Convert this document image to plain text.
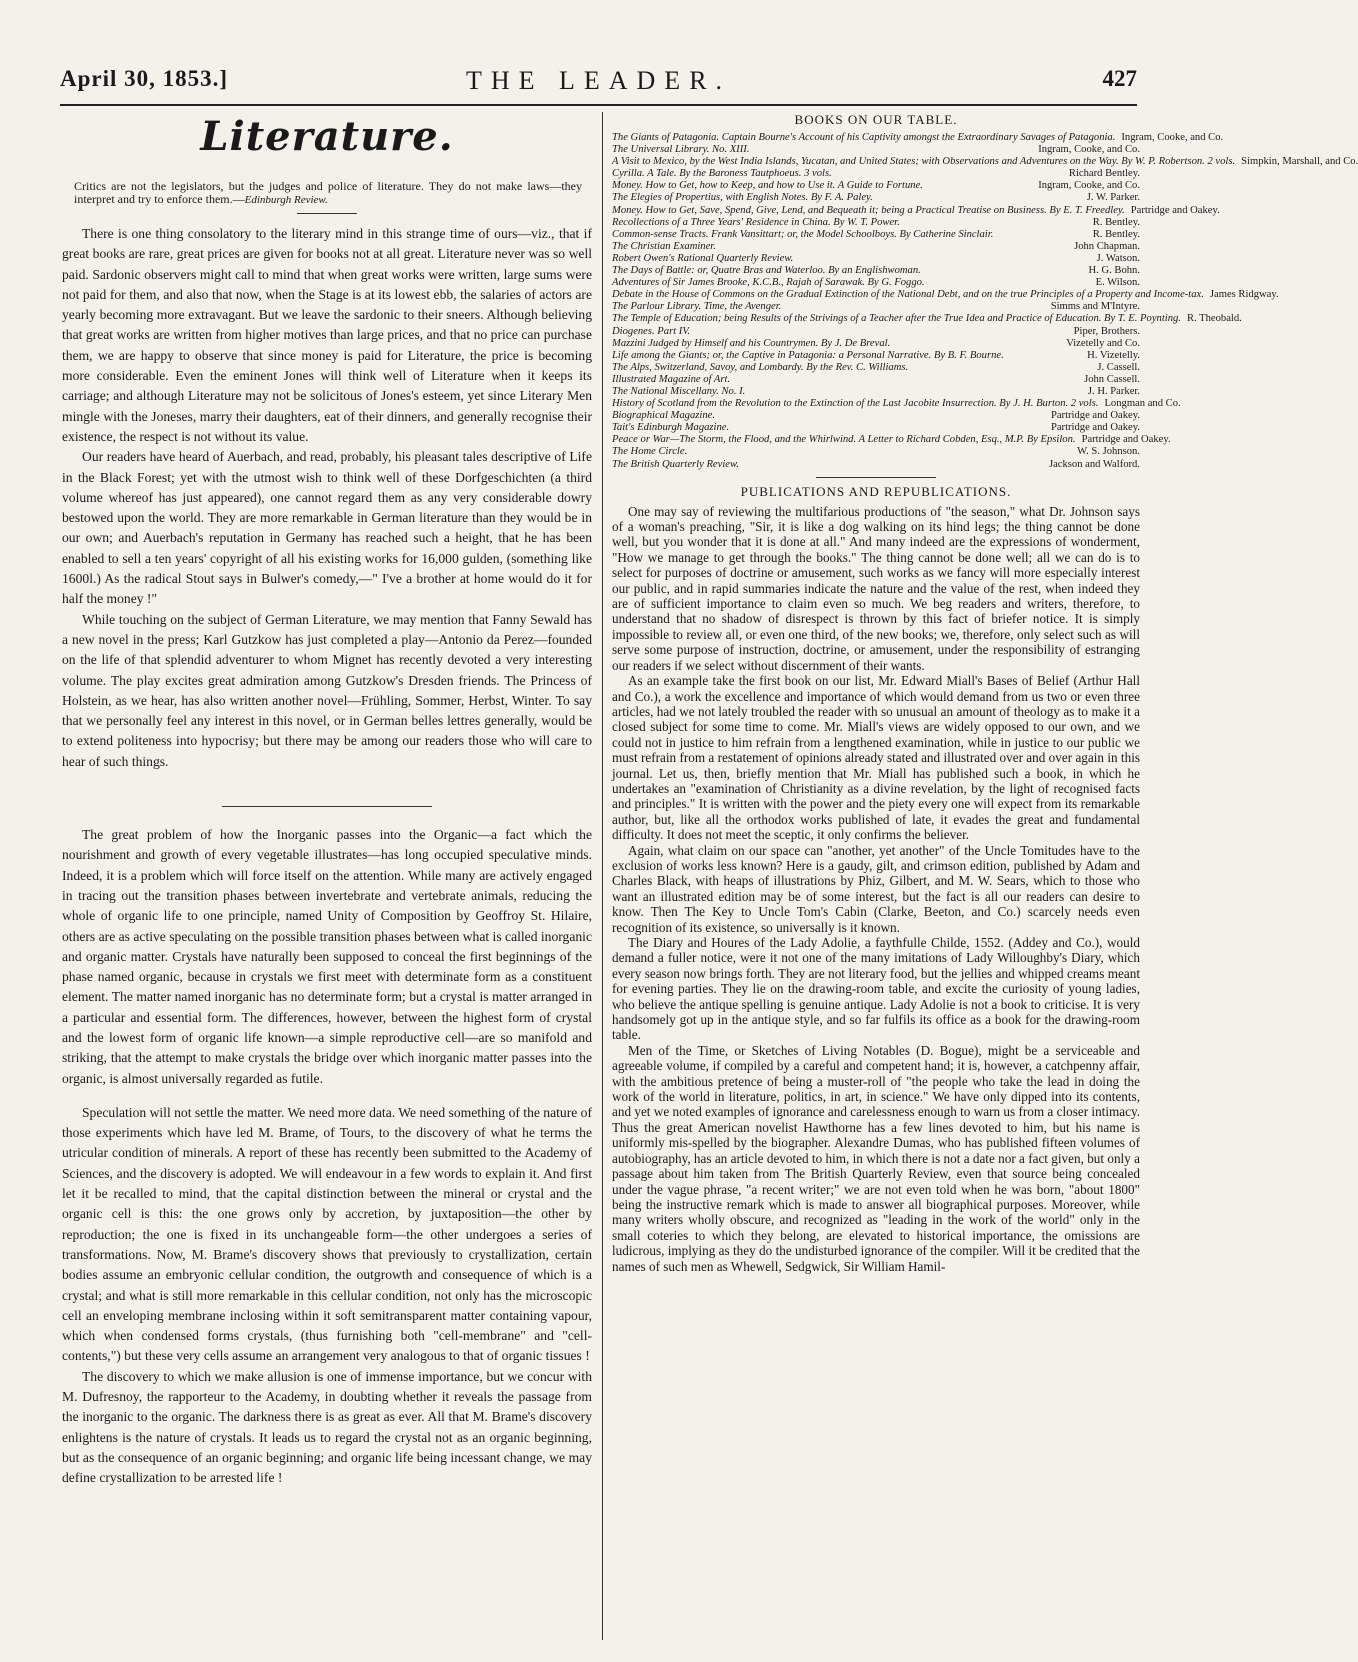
April 30, 1853.]	THE LEADER.	427
Literature.
Critics are not the legislators, but the judges and police of literature. They do not make laws—they interpret and try to enforce them.—Edinburgh Review.

There is one thing consolatory to the literary mind in this strange time of ours—viz., that if great books are rare, great prices are given for books not at all great. Literature never was so well paid. Sardonic observers might call to mind that when great works were written, large sums were not paid for them, and also that now, when the Stage is at its lowest ebb, the salaries of actors are yearly becoming more extravagant. But we leave the sardonic to their sneers. Although believing that great works are written from higher motives than large prices, and that no price can purchase them, we are happy to observe that since money is paid for Literature, the price is becoming more considerable. Even the eminent Jones will think well of Literature when it keeps its carriage; and although Literature may not be solicitous of Jones's esteem, yet since Literary Men mingle with the Joneses, marry their daughters, eat of their dinners, and generally recognise their existence, the respect is not without its value.

Our readers have heard of Auerbach, and read, probably, his pleasant tales descriptive of Life in the Black Forest; yet with the utmost wish to think well of these Dorfgeschichten (a third volume whereof has just appeared), one cannot regard them as any very considerable dowry bestowed upon the world. They are more remarkable in German literature than they would be in our own; and Auerbach's reputation in Germany has reached such a height, that he has been enabled to sell a ten years' copyright of all his existing works for 16,000 gulden, (something like 1600l.) As the radical Stout says in Bulwer's comedy,—" I've a brother at home would do it for half the money !"

While touching on the subject of German Literature, we may mention that Fanny Sewald has a new novel in the press; Karl Gutzkow has just completed a play—Antonio da Perez—founded on the life of that splendid adventurer to whom Mignet has recently devoted a very interesting volume. The play excites great admiration among Gutzkow's Dresden friends. The Princess of Holstein, as we hear, has also written another novel—Frühling, Sommer, Herbst, Winter. To say that we personally feel any interest in this novel, or in German belles lettres generally, would be to extend politeness into hypocrisy; but there may be among our readers those who will care to hear of such things.

The great problem of how the Inorganic passes into the Organic—a fact which the nourishment and growth of every vegetable illustrates—has long occupied speculative minds. Indeed, it is a problem which will force itself on the attention. While many are actively engaged in tracing out the transition phases between invertebrate and vertebrate animals, reducing the whole of organic life to one principle, named Unity of Composition by Geoffroy St. Hilaire, others are as active speculating on the possible transition phases between what is called inorganic and organic matter. Crystals have naturally been supposed to conceal the first beginnings of the phase named organic, because in crystals we first meet with determinate form as a constituent element. The matter named inorganic has no determinate form; but a crystal is matter arranged in a particular and essential form. The differences, however, between the highest form of crystal and the lowest form of organic life known—a simple reproductive cell—are so manifold and striking, that the attempt to make crystals the bridge over which inorganic matter passes into the organic, is almost universally regarded as futile.

Speculation will not settle the matter. We need more data. We need something of the nature of those experiments which have led M. Brame, of Tours, to the discovery of what he terms the utricular condition of minerals. A report of these has recently been submitted to the Academy of Sciences, and the discovery is adopted. We will endeavour in a few words to explain it. And first let it be recalled to mind, that the capital distinction between the mineral or crystal and the organic cell is this: the one grows only by accretion, by juxtaposition—the other by reproduction; the one is fixed in its unchangeable form—the other undergoes a series of transformations. Now, M. Brame's discovery shows that previously to crystallization, certain bodies assume an embryonic cellular condition, the outgrowth and consequence of which is a crystal; and what is still more remarkable in this cellular condition, not only has the microscopic cell an enveloping membrane inclosing within it soft semitransparent matter containing vapour, which when condensed forms crystals, (thus furnishing both "cell-membrane" and "cell-contents,") but these very cells assume an arrangement very analogous to that of organic tissues !

The discovery to which we make allusion is one of immense importance, but we concur with M. Dufresnoy, the rapporteur to the Academy, in doubting whether it reveals the passage from the inorganic to the organic. The darkness there is as great as ever. All that M. Brame's discovery enlightens is the nature of crystals. It leads us to regard the crystal not as an organic beginning, but as the consequence of an organic beginning; and organic life being incessant change, we may define crystallization to be arrested life !

BOOKS ON OUR TABLE.
The Giants of Patagonia. Captain Bourne's Account of his Captivity amongst the Extraordinary Savages of Patagonia. Ingram, Cooke, and Co.
The Universal Library. No. XIII.	Ingram, Cooke, and Co.
A Visit to Mexico, by the West India Islands, Yucatan, and United States; with Observations and Adventures on the Way. By W. P. Robertson. 2 vols. Simpkin, Marshall, and Co.
Cyrilla. A Tale. By the Baroness Tautphoeus. 3 vols.	Richard Bentley.
Money. How to Get, how to Keep, and how to Use it. A Guide to Fortune.	Ingram, Cooke, and Co.
The Elegies of Propertius, with English Notes. By F. A. Paley.	J. W. Parker.
Money. How to Get, Save, Spend, Give, Lend, and Bequeath it; being a Practical Treatise on Business. By E. T. Freedley. Partridge and Oakey.
Recollections of a Three Years' Residence in China. By W. T. Power.	R. Bentley.
Common-sense Tracts. Frank Vansittart; or, the Model Schoolboys. By Catherine Sinclair.	R. Bentley.
The Christian Examiner.	John Chapman.
Robert Owen's Rational Quarterly Review.	J. Watson.
The Days of Battle: or, Quatre Bras and Waterloo. By an Englishwoman.	H. G. Bohn.
Adventures of Sir James Brooke, K.C.B., Rajah of Sarawak. By G. Foggo.	E. Wilson.
Debate in the House of Commons on the Gradual Extinction of the National Debt, and on the true Principles of a Property and Income-tax. James Ridgway.
The Parlour Library. Time, the Avenger.	Simms and M'Intyre.
The Temple of Education; being Results of the Strivings of a Teacher after the True Idea and Practice of Education. By T. E. Poynting. R. Theobald.
Diogenes. Part IV.	Piper, Brothers.
Mazzini Judged by Himself and his Countrymen. By J. De Breval.	Vizetelly and Co.
Life among the Giants; or, the Captive in Patagonia: a Personal Narrative. By B. F. Bourne.	H. Vizetelly.
The Alps, Switzerland, Savoy, and Lombardy. By the Rev. C. Williams.	J. Cassell.
Illustrated Magazine of Art.	John Cassell.
The National Miscellany. No. I.	J. H. Parker.
History of Scotland from the Revolution to the Extinction of the Last Jacobite Insurrection. By J. H. Burton. 2 vols. Longman and Co.
Biographical Magazine.	Partridge and Oakey.
Tait's Edinburgh Magazine.	Partridge and Oakey.
Peace or War—The Storm, the Flood, and the Whirlwind. A Letter to Richard Cobden, Esq., M.P. By Epsilon. Partridge and Oakey.
The Home Circle.	W. S. Johnson.
The British Quarterly Review.	Jackson and Walford.
PUBLICATIONS AND REPUBLICATIONS.

One may say of reviewing the multifarious productions of "the season," what Dr. Johnson says of a woman's preaching, "Sir, it is like a dog walking on its hind legs; the thing cannot be done well, but you wonder that it is done at all." And many indeed are the expressions of wonderment, "How we manage to get through the books." The thing cannot be done well; all we can do is to select for purposes of doctrine or amusement, such works as we fancy will more especially interest our public, and in rapid summaries indicate the nature and the value of the rest, when indeed they are of sufficient importance to claim even so much. We beg readers and writers, therefore, to understand that no shadow of disrespect is thrown by this fact of briefer notice. It is simply impossible to review all, or even one third, of the new books; we, therefore, only select such as will serve some purpose of instruction, doctrine, or amusement, under the responsibility of estranging our readers if we select without discernment of their wants.

As an example take the first book on our list, Mr. Edward Miall's Bases of Belief (Arthur Hall and Co.), a work the excellence and importance of which would demand from us two or even three articles, had we not lately troubled the reader with so unusual an amount of theology as to make it a closed subject for some time to come. Mr. Miall's views are widely opposed to our own, and we could not in justice to him refrain from a lengthened examination, while in justice to our public we must refrain from a restatement of opinions already stated and illustrated over and over again in this journal. Let us, then, briefly mention that Mr. Miall has published such a book, in which he undertakes an "examination of Christianity as a divine revelation, by the light of recognised facts and principles." It is written with the power and the piety every one will expect from its remarkable author, but, like all the orthodox works published of late, it evades the great and fundamental difficulty. It does not meet the sceptic, it only confirms the believer.

Again, what claim on our space can "another, yet another" of the Uncle Tomitudes have to the exclusion of works less known? Here is a gaudy, gilt, and crimson edition, published by Adam and Charles Black, with heaps of illustrations by Phiz, Gilbert, and M. W. Sears, which to those who want an illustrated edition may be of some interest, but the fact is all our readers can desire to know. Then The Key to Uncle Tom's Cabin (Clarke, Beeton, and Co.) scarcely needs even recognition of its existence, so universally is it known.

The Diary and Houres of the Lady Adolie, a faythfulle Childe, 1552. (Addey and Co.), would demand a fuller notice, were it not one of the many imitations of Lady Willoughby's Diary, which every season now brings forth. They are not literary food, but the jellies and whipped creams meant for evening parties. They lie on the drawing-room table, and excite the curiosity of young ladies, who believe the antique spelling is genuine antique. Lady Adolie is not a book to criticise. It is very handsomely got up in the antique style, and so far fulfils its office as a book for the drawing-room table.

Men of the Time, or Sketches of Living Notables (D. Bogue), might be a serviceable and agreeable volume, if compiled by a careful and competent hand; it is, however, a catchpenny affair, with the ambitious pretence of being a muster-roll of "the people who take the lead in doing the work of the world in literature, politics, in art, in science." We have only dipped into its contents, and yet we noted examples of ignorance and carelessness enough to warn us from a closer intimacy. Thus the great American novelist Hawthorne has a few lines devoted to him, but his name is uniformly mis-spelled by the biographer. Alexandre Dumas, who has published fifteen volumes of autobiography, has an article devoted to him, in which there is not a date nor a fact given, but only a passage about him taken from The British Quarterly Review, even that source being concealed under the vague phrase, "a recent writer;" we are not even told when he was born, "about 1800" being the instructive remark which is made to answer all biographical purposes. Moreover, while many writers wholly obscure, and recognized as "leading in the work of the world" only in the small coteries to which they belong, are elevated to historical importance, the omissions are ludicrous, implying as they do the undisturbed ignorance of the compiler. Will it be credited that the names of such men as Whewell, Sedgwick, Sir William Hamil-
